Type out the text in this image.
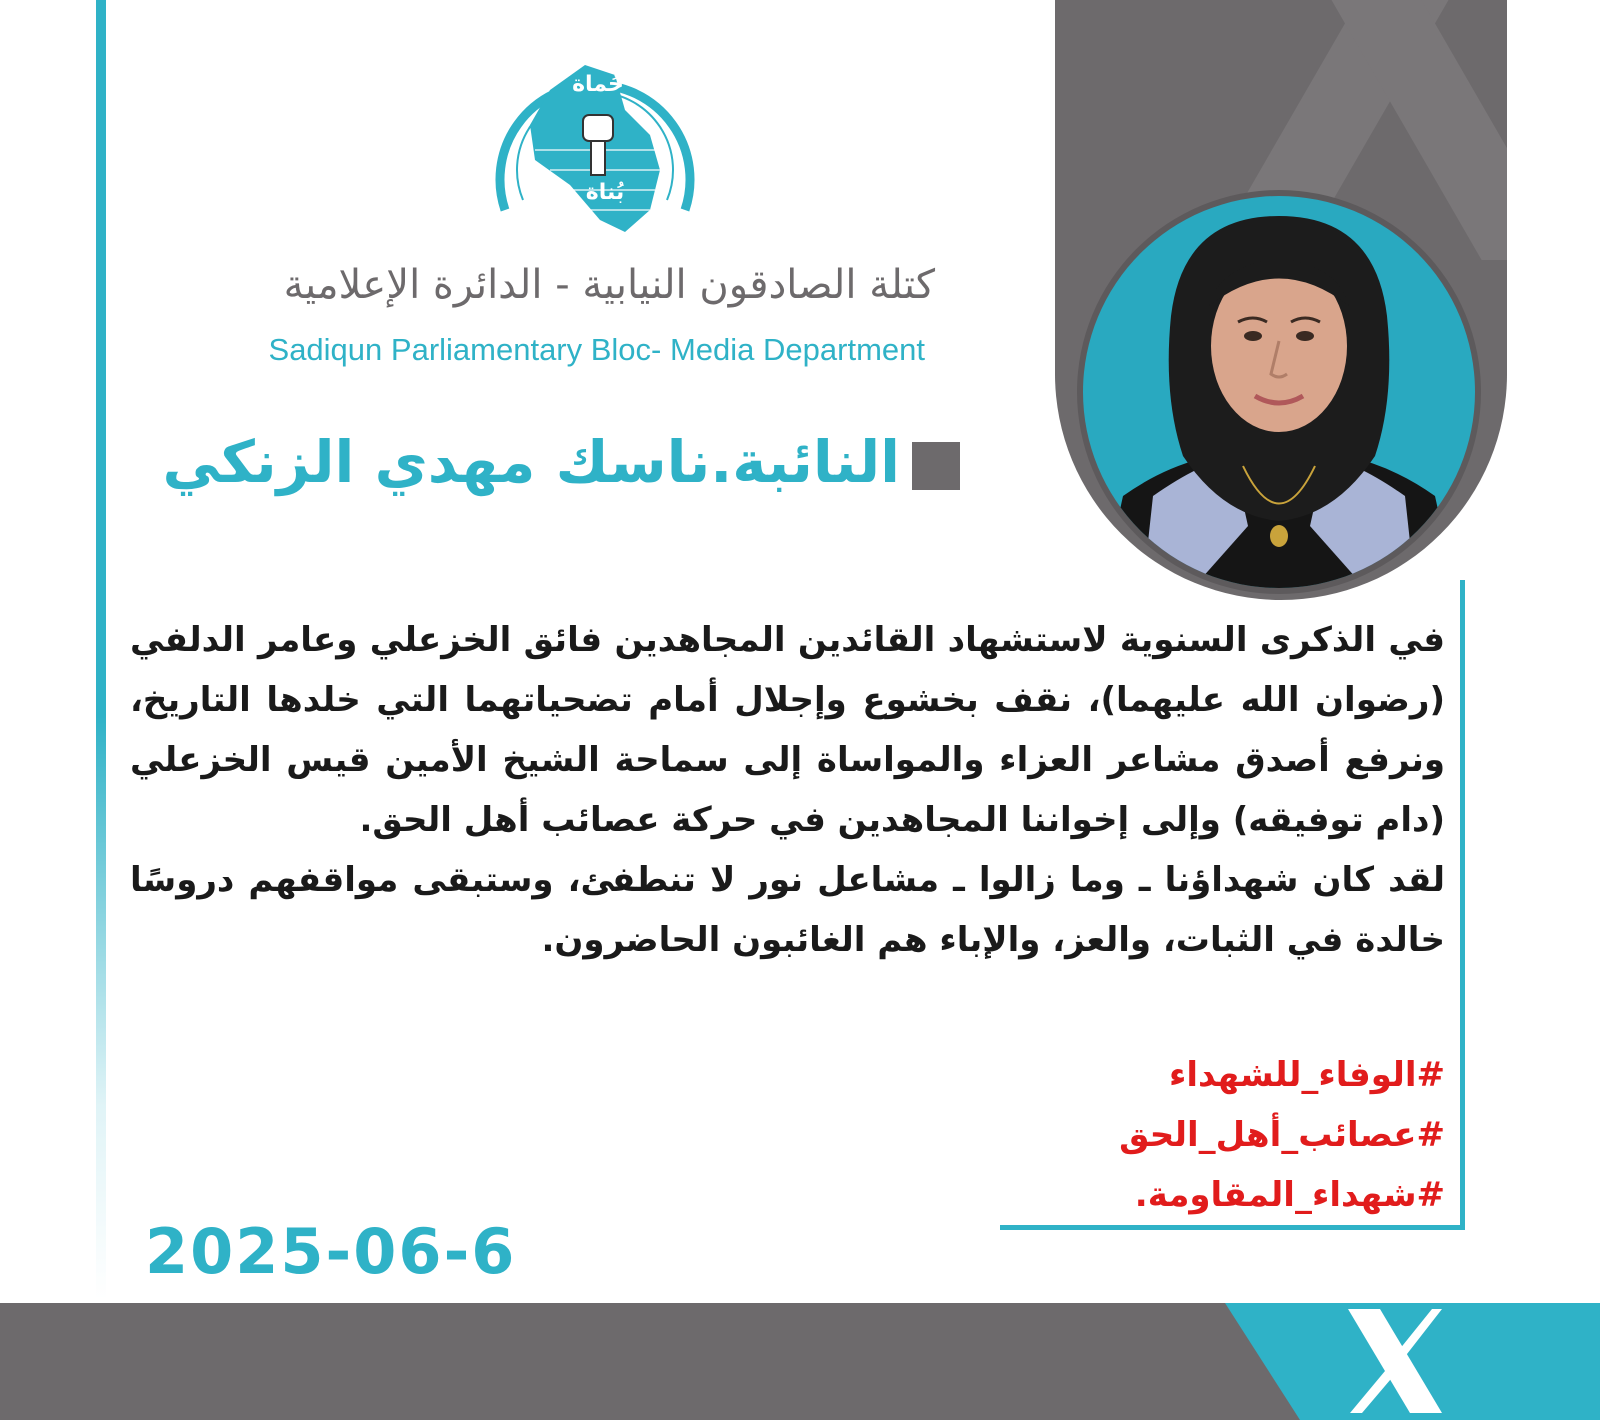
حُماة
بُناة
كتلة الصادقون النيابية - الدائرة الإعلامية
Sadiqun Parliamentary Bloc- Media Department
النائبة.ناسك مهدي الزنكي

في الذكرى السنوية لاستشهاد القائدين المجاهدين فائق الخزعلي وعامر الدلفي (رضوان الله عليهما)، نقف بخشوع وإجلال أمام تضحياتهما التي خلدها التاريخ، ونرفع أصدق مشاعر العزاء والمواساة إلى سماحة الشيخ الأمين قيس الخزعلي (دام توفيقه) وإلى إخواننا المجاهدين في حركة عصائب أهل الحق.

لقد كان شهداؤنا ـ وما زالوا ـ مشاعل نور لا تنطفئ، وستبقى مواقفهم دروسًا خالدة في الثبات، والعز، والإباء هم الغائبون الحاضرون.

#الوفاء_للشهداء
#عصائب_أهل_الحق
#شهداء_المقاومة.
2025-06-6
